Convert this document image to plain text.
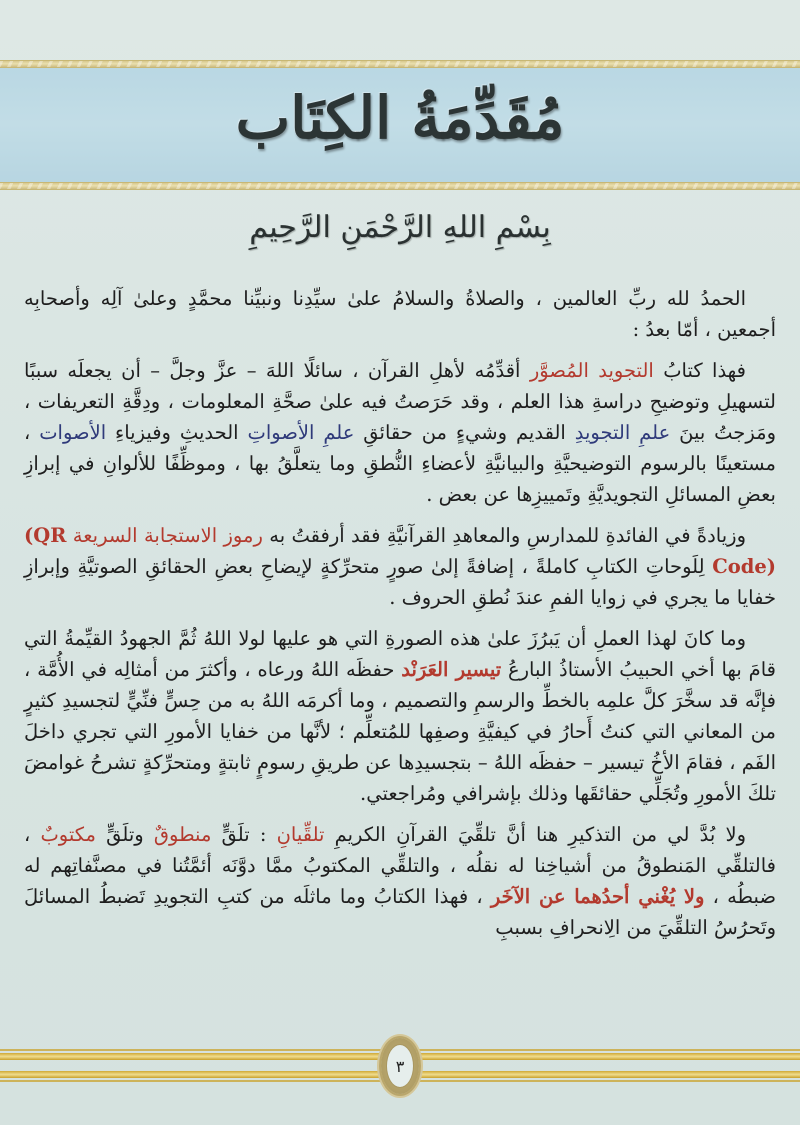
مُقَدِّمَةُ الكِتَاب
بِسْمِ اللهِ الرَّحْمَنِ الرَّحِيمِ

الحمدُ لله ربِّ العالمين ، والصلاةُ والسلامُ علىٰ سيِّدِنا ونبيِّنا محمَّدٍ وعلىٰ آلِه وأصحابِه أجمعين ، أمّا بعدُ :

فهذا كتابُ التجويد المُصوَّر أقدِّمُه لأهلِ القرآن ، سائلًا اللهَ – عزَّ وجلَّ – أن يجعلَه سببًا لتسهيلِ وتوضيحِ دراسةِ هذا العلم ، وقد حَرَصتُ فيه علىٰ صحَّةِ المعلومات ، ودِقَّةِ التعريفات ، ومَزجتُ بينَ علمِ التجويدِ القديم وشيءٍ من حقائقِ علمِ الأصواتِ الحديثِ وفيزياءِ الأصوات ، مستعينًا بالرسوم التوضيحيَّةِ والبيانيَّةِ لأعضاءِ النُّطقِ وما يتعلَّقُ بها ، وموظِّفًا للألوانِ في إبرازِ بعضِ المسائلِ التجويديَّةِ وتَمييزِها عن بعض .

وزيادةً في الفائدةِ للمدارسِ والمعاهدِ القرآنيَّةِ فقد أرفقتُ به رموز الاستجابة السريعة (QR Code) لِلَوحاتِ الكتابِ كاملةً ، إضافةً إلىٰ صورٍ متحرِّكةٍ لإيضاحِ بعضِ الحقائقِ الصوتيَّةِ وإبرازِ خفايا ما يجري في زوايا الفمِ عندَ نُطقِ الحروف .

وما كانَ لهذا العملِ أن يَبرُزَ علىٰ هذه الصورةِ التي هو عليها لولا اللهُ ثُمَّ الجهودُ القيِّمةُ التي قامَ بها أخي الحبيبُ الأستاذُ البارعُ تيسير العَرَنْد حفظَه اللهُ ورعاه ، وأكثرَ من أمثالِه في الأُمَّة ، فإنَّه قد سخَّرَ كلَّ علمِه بالخطِّ والرسمِ والتصميم ، وما أكرمَه اللهُ به من حِسٍّ فنِّيٍّ لتجسيدِ كثيرٍ من المعاني التي كنتُ أَحارُ في كيفيَّةِ وصفِها للمُتعلِّم ؛ لأنَّها من خفايا الأمورِ التي تجري داخلَ الفَم ، فقامَ الأخُ تيسير – حفظَه اللهُ – بتجسيدِها عن طريقِ رسومٍ ثابتةٍ ومتحرِّكةٍ تشرحُ غوامضَ تلكَ الأمورِ وتُجَلِّي حقائقَها وذلك بإشرافي ومُراجعتي.

ولا بُدَّ لي من التذكيرِ هنا أنَّ تلقِّيَ القرآنِ الكريمِ تلقِّيانِ : تلَقٍّ منطوقٌ وتلَقٍّ مكتوبٌ ، فالتلقِّي المَنطوقُ من أشياخِنا له نقلُه ، والتلقِّي المكتوبُ ممَّا دوَّنَه أئمَّتُنا في مصنَّفاتِهم له ضبطُه ، ولا يُغْني أحدُهما عن الآخَر ، فهذا الكتابُ وما ماثلَه من كتبِ التجويدِ تَضبطُ المسائلَ وتَحرُسُ التلقِّيَ من الِانحرافِ بسببِ

٣
